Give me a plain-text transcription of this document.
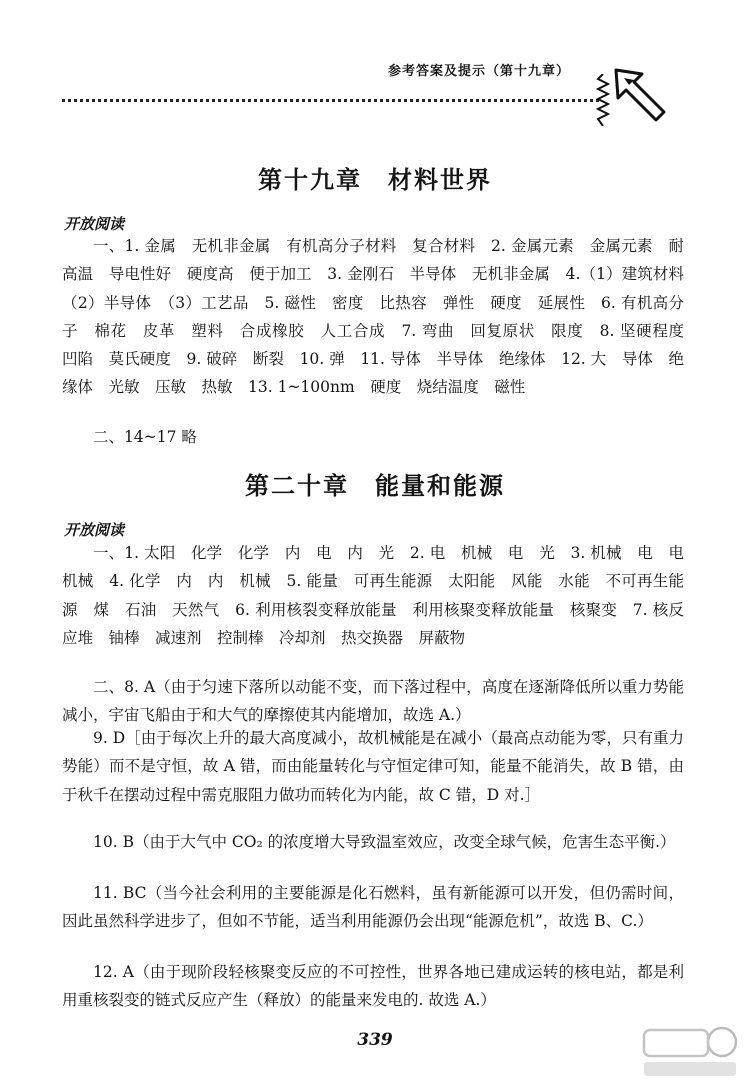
参考答案及提示（第十九章）
第十九章　材料世界
开放阅读

一、1. 金属　无机非金属　有机高分子材料　复合材料　2. 金属元素　金属元素　耐高温　导电性好　硬度高　便于加工　3. 金刚石　半导体　无机非金属　4.（1）建筑材料　（2）半导体　（3）工艺品　5. 磁性　密度　比热容　弹性　硬度　延展性　6. 有机高分子　棉花　皮革　塑料　合成橡胶　人工合成　7. 弯曲　回复原状　限度　8. 坚硬程度　凹陷　莫氏硬度　9. 破碎　断裂　10. 弹　11. 导体　半导体　绝缘体　12. 大　导体　绝缘体　光敏　压敏　热敏　13. 1~100nm　硬度　烧结温度　磁性

二、14~17 略

第二十章　能量和能源
开放阅读

一、1. 太阳　化学　化学　内　电　内　光　2. 电　机械　电　光　3. 机械　电　电　机械　4. 化学　内　内　机械　5. 能量　可再生能源　太阳能　风能　水能　不可再生能源　煤　石油　天然气　6. 利用核裂变释放能量　利用核聚变释放能量　核聚变　7. 核反应堆　铀棒　减速剂　控制棒　冷却剂　热交换器　屏蔽物

二、8. A（由于匀速下落所以动能不变，而下落过程中，高度在逐渐降低所以重力势能减小，宇宙飞船由于和大气的摩擦使其内能增加，故选 A.）

9. D［由于每次上升的最大高度减小，故机械能是在减小（最高点动能为零，只有重力势能）而不是守恒，故 A 错，而由能量转化与守恒定律可知，能量不能消失，故 B 错，由于秋千在摆动过程中需克服阻力做功而转化为内能，故 C 错，D 对.］

10. B（由于大气中 CO₂ 的浓度增大导致温室效应，改变全球气候，危害生态平衡.）

11. BC（当今社会利用的主要能源是化石燃料，虽有新能源可以开发，但仍需时间，因此虽然科学进步了，但如不节能，适当利用能源仍会出现“能源危机”，故选 B、C.）

12. A（由于现阶段轻核聚变反应的不可控性，世界各地已建成运转的核电站，都是利用重核裂变的链式反应产生（释放）的能量来发电的. 故选 A.）

339
